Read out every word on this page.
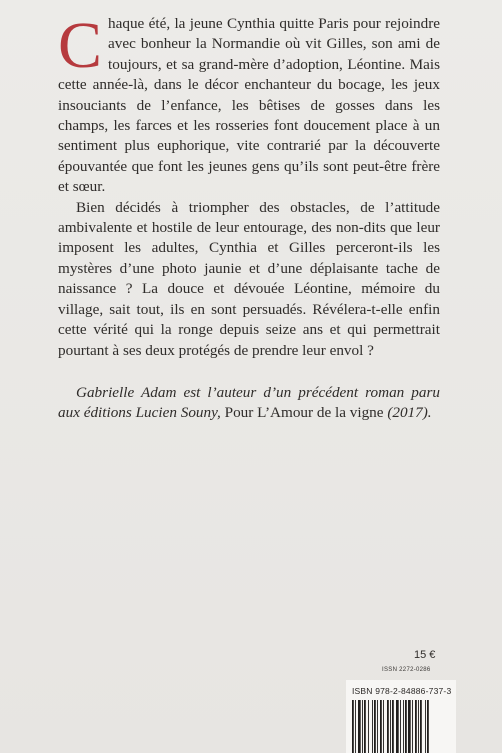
Chaque été, la jeune Cynthia quitte Paris pour rejoindre avec bonheur la Normandie où vit Gilles, son ami de toujours, et sa grand-mère d’adoption, Léontine. Mais cette année-là, dans le décor enchanteur du bocage, les jeux insouciants de l’enfance, les bêtises de gosses dans les champs, les farces et les rosseries font doucement place à un sentiment plus euphorique, vite contrarié par la découverte épouvantée que font les jeunes gens qu’ils sont peut-être frère et sœur.

Bien décidés à triompher des obstacles, de l’attitude ambivalente et hostile de leur entourage, des non-dits que leur imposent les adultes, Cynthia et Gilles perceront-ils les mystères d’une photo jaunie et d’une déplaisante tache de naissance ? La douce et dévouée Léontine, mémoire du village, sait tout, ils en sont persuadés. Révélera-t-elle enfin cette vérité qui la ronge depuis seize ans et qui permettrait pourtant à ses deux protégés de prendre leur envol ?

Gabrielle Adam est l’auteur d’un précédent roman paru aux éditions Lucien Souny, Pour L’Amour de la vigne (2017).

15 €
ISSN 2272-0286
ISBN 978-2-84886-737-3
